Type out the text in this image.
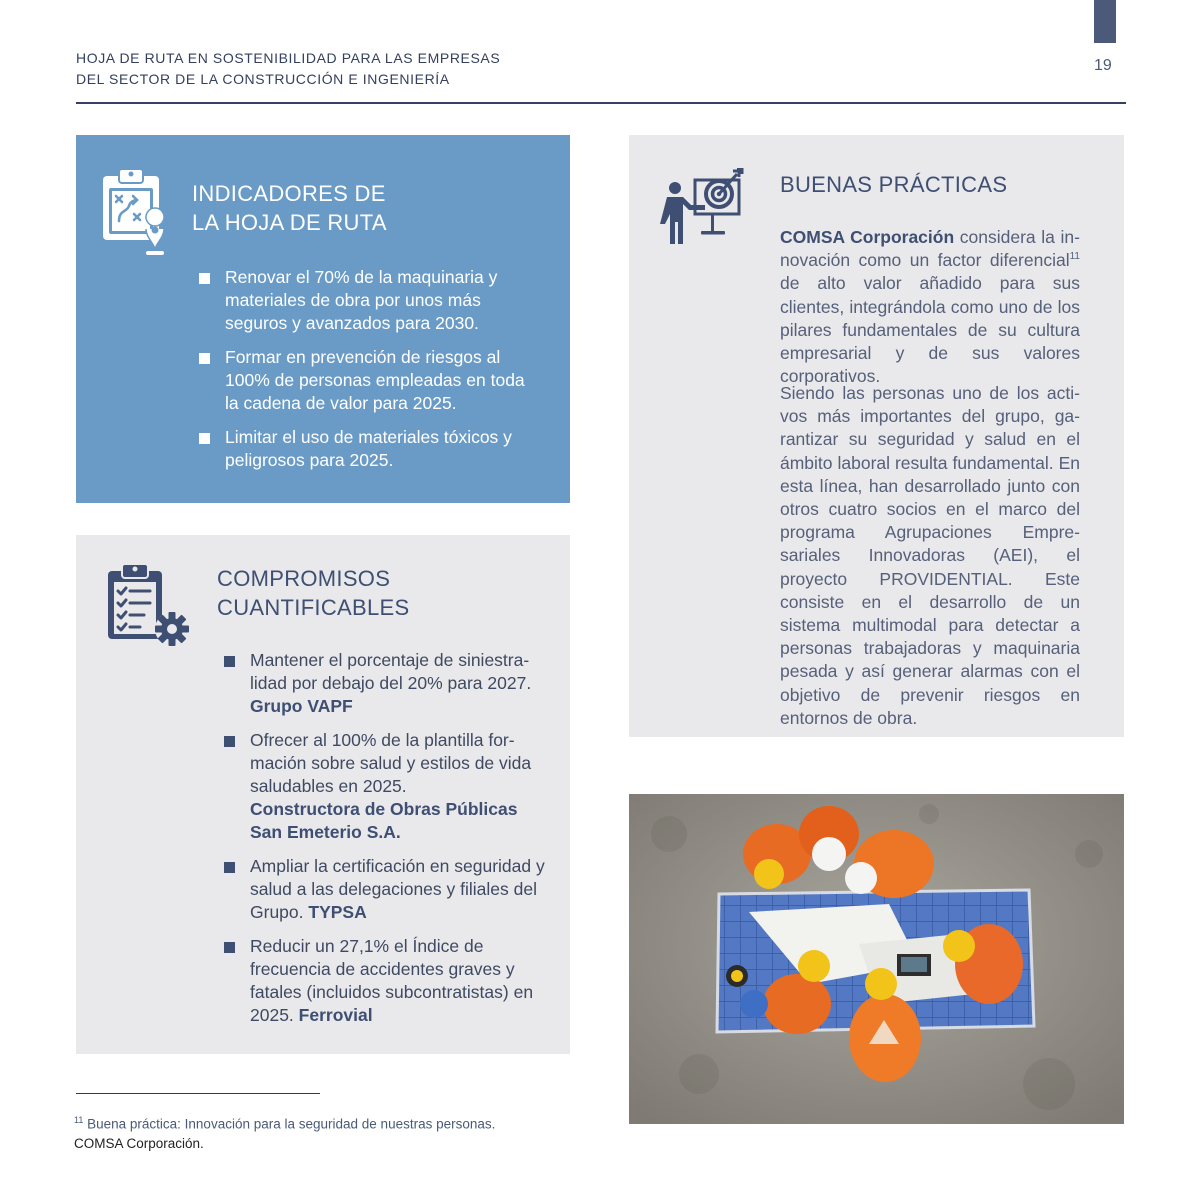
19
HOJA DE RUTA EN SOSTENIBILIDAD PARA LAS EMPRESAS
DEL SECTOR DE LA CONSTRUCCIÓN E INGENIERÍA
INDICADORES DE
LA HOJA DE RUTA
Renovar el 70% de la maquinaria y materiales de obra por unos más seguros y avanzados para 2030.
Formar en prevención de riesgos al 100% de personas empleadas en toda la cadena de valor para 2025.
Limitar el uso de materiales tóxicos y peligrosos para 2025.
COMPROMISOS
CUANTIFICABLES
Mantener el porcentaje de siniestralidad por debajo del 20% para 2027.
Grupo VAPF
Ofrecer al 100% de la plantilla formación sobre salud y estilos de vida saludables en 2025.
Constructora de Obras Públicas San Emeterio S.A.
Ampliar la certificación en seguridad y salud a las delegaciones y filiales del Grupo. TYPSA
Reducir un 27,1% el Índice de frecuencia de accidentes graves y fatales (incluidos subcontratistas) en 2025. Ferrovial
BUENAS PRÁCTICAS

COMSA Corporación considera la innovación como un factor diferencial$^{11}$ de alto valor añadido para sus clientes, integrándola como uno de los pilares fundamentales de su cultura empresarial y de sus valores corporativos.

Siendo las personas uno de los activos más importantes del grupo, garantizar su seguridad y salud en el ámbito laboral resulta fundamental. En esta línea, han desarrollado junto con otros cuatro socios en el marco del programa Agrupaciones Empresariales Innovadoras (AEI), el proyecto PROVIDENTIAL. Este consiste en el desarrollo de un sistema multimodal para detectar a personas trabajadoras y maquinaria pesada y así generar alarmas con el objetivo de prevenir riesgos en entornos de obra.

$^{11}$ Buena práctica: Innovación para la seguridad de nuestras personas.
COMSA Corporación.
